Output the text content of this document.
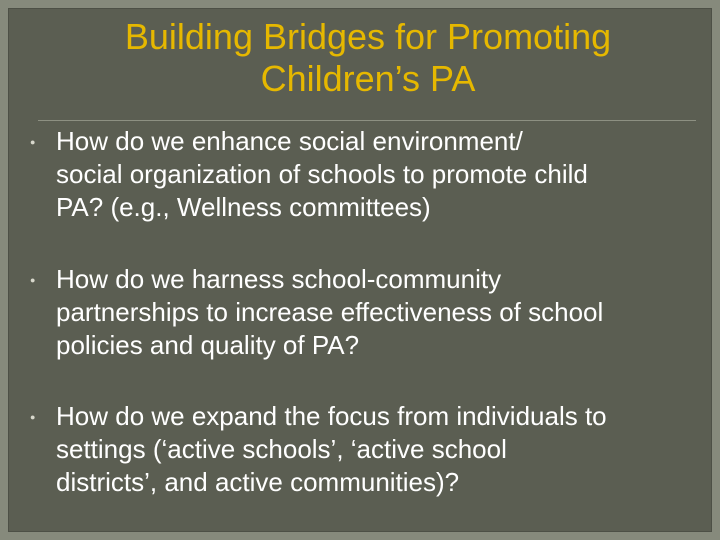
Building Bridges for Promoting
Children’s PA
● How do we enhance social environment/
social organization of schools to promote child
PA? (e.g., Wellness committees)
● How do we harness school-community
partnerships to increase effectiveness of school
policies and quality of PA?
● How do we expand the focus from individuals to
settings (‘active schools’, ‘active school
districts’, and active communities)?
